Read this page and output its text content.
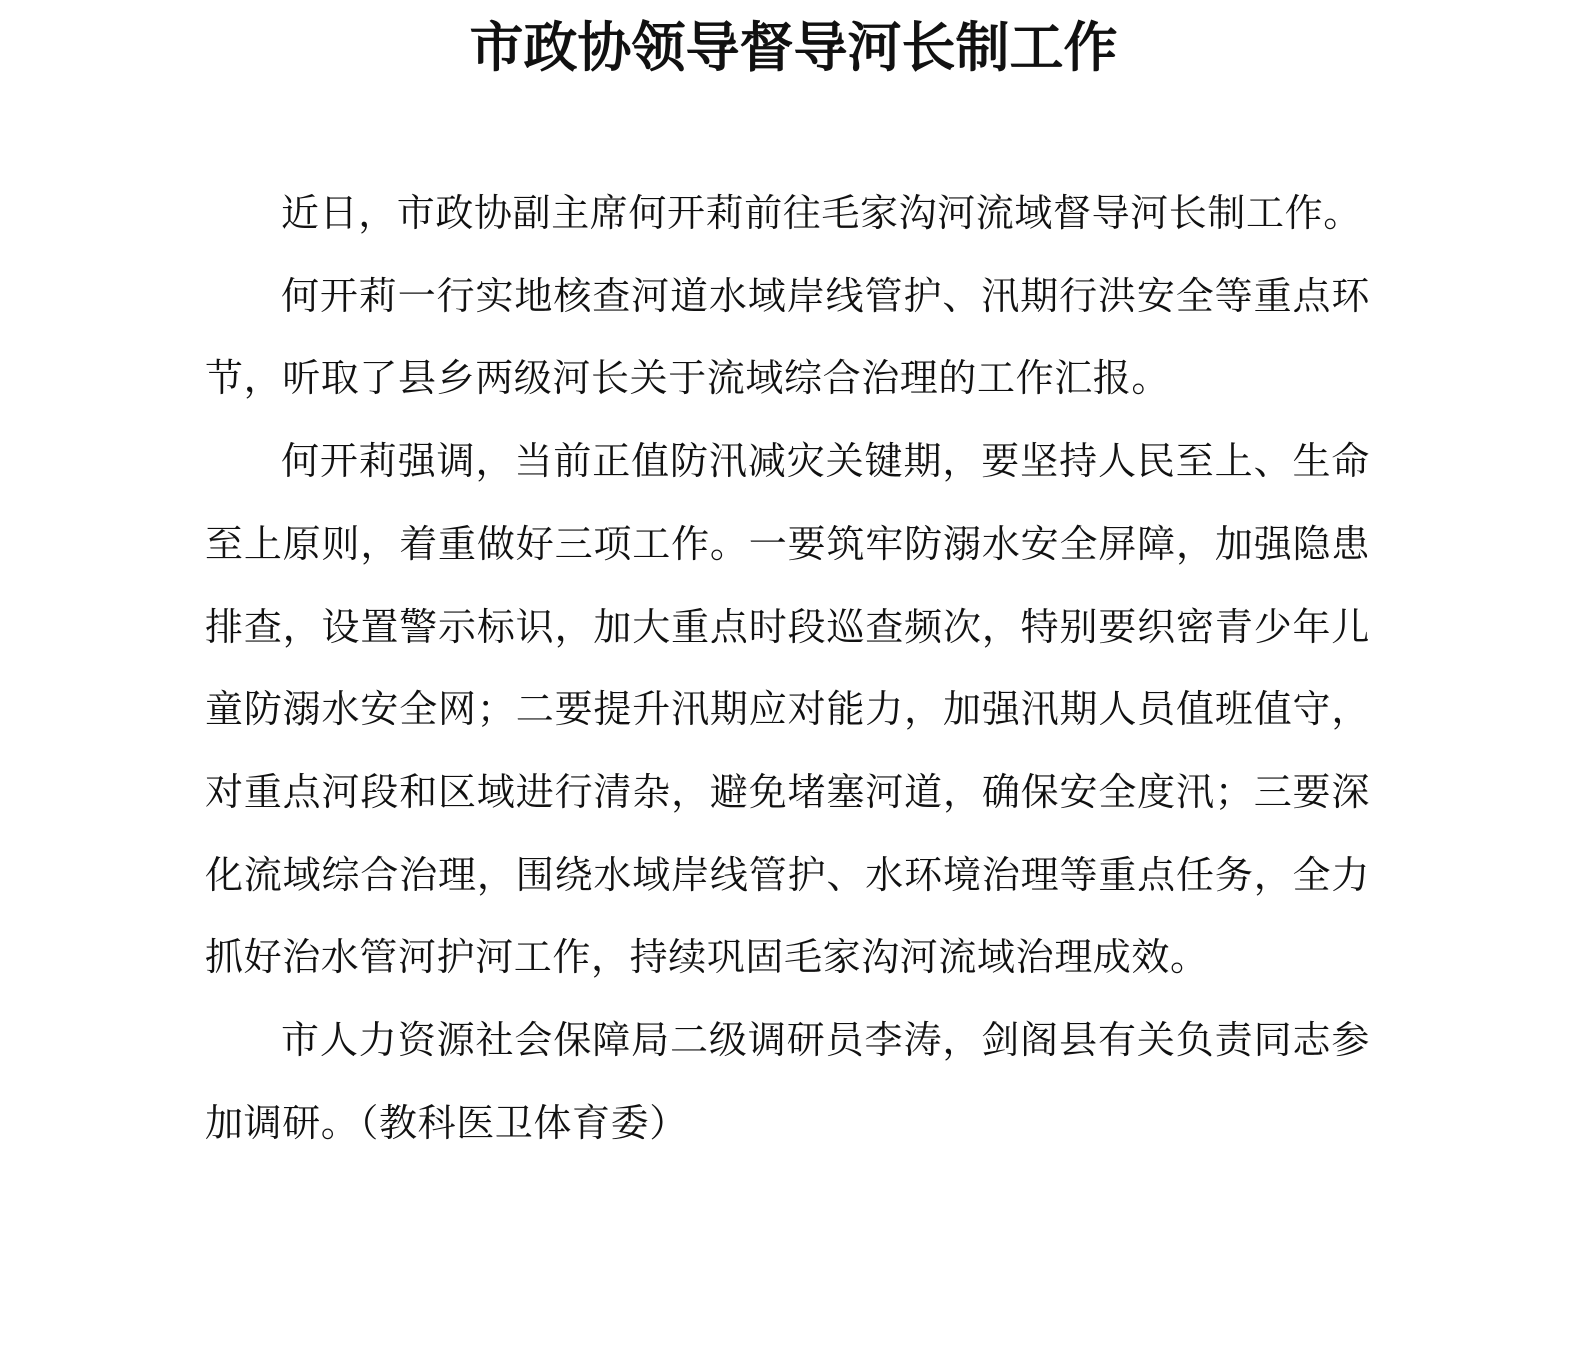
市政协领导督导河长制工作

近日，市政协副主席何开莉前往毛家沟河流域督导河长制工作。

何开莉一行实地核查河道水域岸线管护、汛期行洪安全等重点环节，听取了县乡两级河长关于流域综合治理的工作汇报。

何开莉强调，当前正值防汛减灾关键期，要坚持人民至上、生命至上原则，着重做好三项工作。一要筑牢防溺水安全屏障，加强隐患排查，设置警示标识，加大重点时段巡查频次，特别要织密青少年儿童防溺水安全网；二要提升汛期应对能力，加强汛期人员值班值守，对重点河段和区域进行清杂，避免堵塞河道，确保安全度汛；三要深化流域综合治理，围绕水域岸线管护、水环境治理等重点任务，全力抓好治水管河护河工作，持续巩固毛家沟河流域治理成效。

市人力资源社会保障局二级调研员李涛，剑阁县有关负责同志参加调研。（教科医卫体育委）
